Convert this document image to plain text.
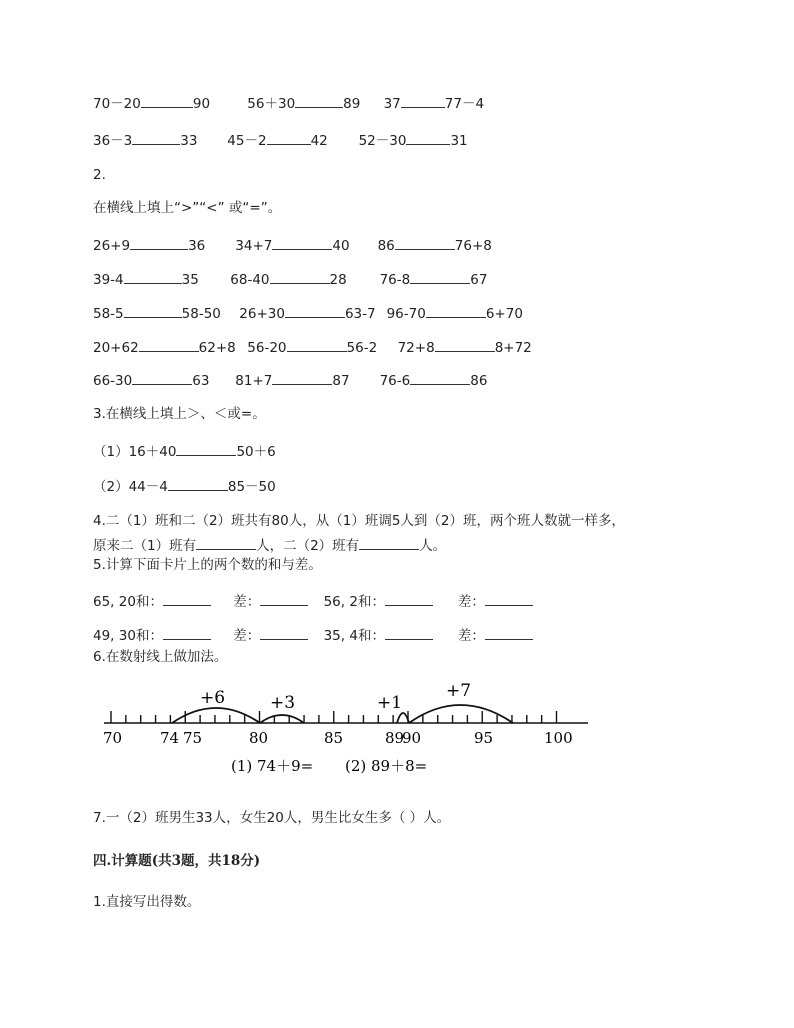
70－20	90	56＋30	89 37	77－4
36－3	33 45－2	42 52－30	31
2.
在横线上填上“>”“<” 或“=”。
26+9	36 34+7	40 86	76+8
39-4	35 68-40	28 76-8	67
58-5	58-50 26+30	63-7 96-70	6+70
20+62	62+8 56-20	56-2 72+8	8+72
66-30	63 81+7	87 76-6	86
3.在横线上填上＞、＜或=。
（1）16＋40	50＋6
（2）44－4	85－50
4.二（1）班和二（2）班共有80人，从（1）班调5人到（2）班，两个班人数就一样多，
原来二（1）班有	人，二（2）班有	人。
5.计算下面卡片上的两个数的和与差。
65, 20和：	差：	56, 2和：	差：
49, 30和：	差：	35, 4和：	差：
6.在数射线上做加法。
+6	+3	+1
+7
70	74 75	80	85	89
90	95	100
(1) 74＋9= (2) 89＋8=
7.一（2）班男生33人，女生20人，男生比女生多（ ）人。
四.计算题(共3题，共18分)
1.直接写出得数。
